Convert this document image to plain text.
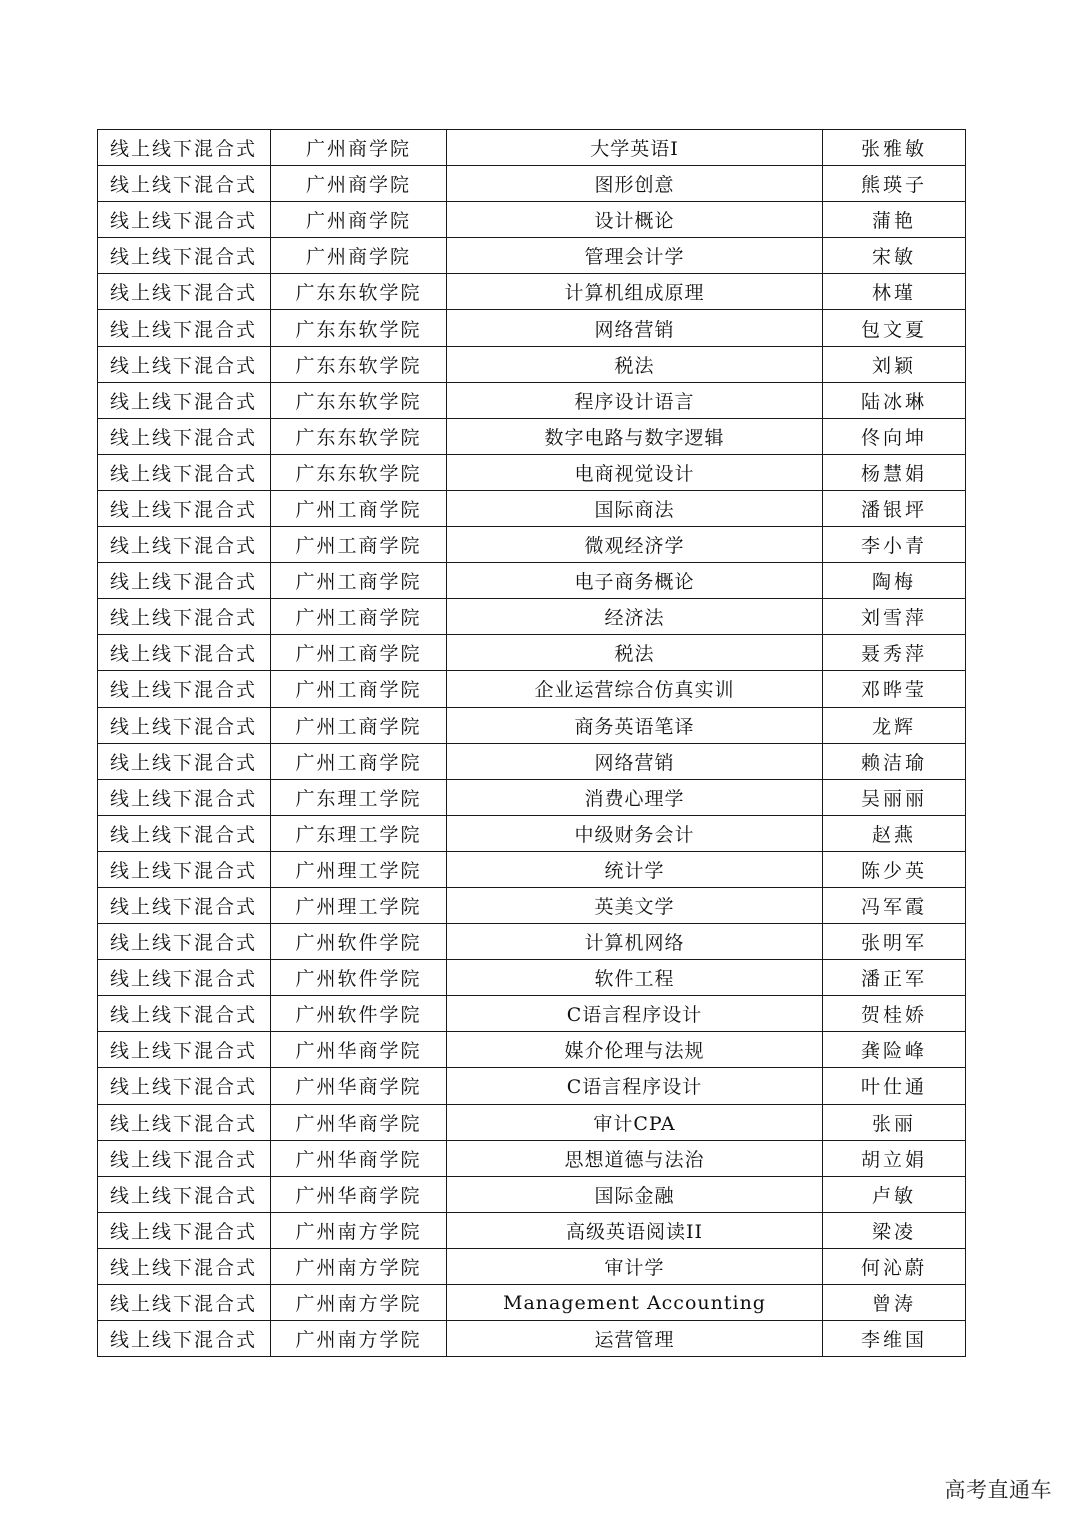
线上线下混合式	广州商学院	大学英语I	张雅敏
线上线下混合式	广州商学院	图形创意	熊瑛子
线上线下混合式	广州商学院	设计概论	蒲艳
线上线下混合式	广州商学院	管理会计学	宋敏
线上线下混合式	广东东软学院	计算机组成原理	林瑾
线上线下混合式	广东东软学院	网络营销	包文夏
线上线下混合式	广东东软学院	税法	刘颖
线上线下混合式	广东东软学院	程序设计语言	陆冰琳
线上线下混合式	广东东软学院	数字电路与数字逻辑	佟向坤
线上线下混合式	广东东软学院	电商视觉设计	杨慧娟
线上线下混合式	广州工商学院	国际商法	潘银坪
线上线下混合式	广州工商学院	微观经济学	李小青
线上线下混合式	广州工商学院	电子商务概论	陶梅
线上线下混合式	广州工商学院	经济法	刘雪萍
线上线下混合式	广州工商学院	税法	聂秀萍
线上线下混合式	广州工商学院	企业运营综合仿真实训	邓晔莹
线上线下混合式	广州工商学院	商务英语笔译	龙辉
线上线下混合式	广州工商学院	网络营销	赖洁瑜
线上线下混合式	广东理工学院	消费心理学	吴丽丽
线上线下混合式	广东理工学院	中级财务会计	赵燕
线上线下混合式	广州理工学院	统计学	陈少英
线上线下混合式	广州理工学院	英美文学	冯军霞
线上线下混合式	广州软件学院	计算机网络	张明军
线上线下混合式	广州软件学院	软件工程	潘正军
线上线下混合式	广州软件学院	C语言程序设计	贺桂娇
线上线下混合式	广州华商学院	媒介伦理与法规	龚险峰
线上线下混合式	广州华商学院	C语言程序设计	叶仕通
线上线下混合式	广州华商学院	审计CPA	张丽
线上线下混合式	广州华商学院	思想道德与法治	胡立娟
线上线下混合式	广州华商学院	国际金融	卢敏
线上线下混合式	广州南方学院	高级英语阅读II	梁凌
线上线下混合式	广州南方学院	审计学	何沁蔚
线上线下混合式	广州南方学院	Management Accounting	曾涛
线上线下混合式	广州南方学院	运营管理	李维国
高考直通车
